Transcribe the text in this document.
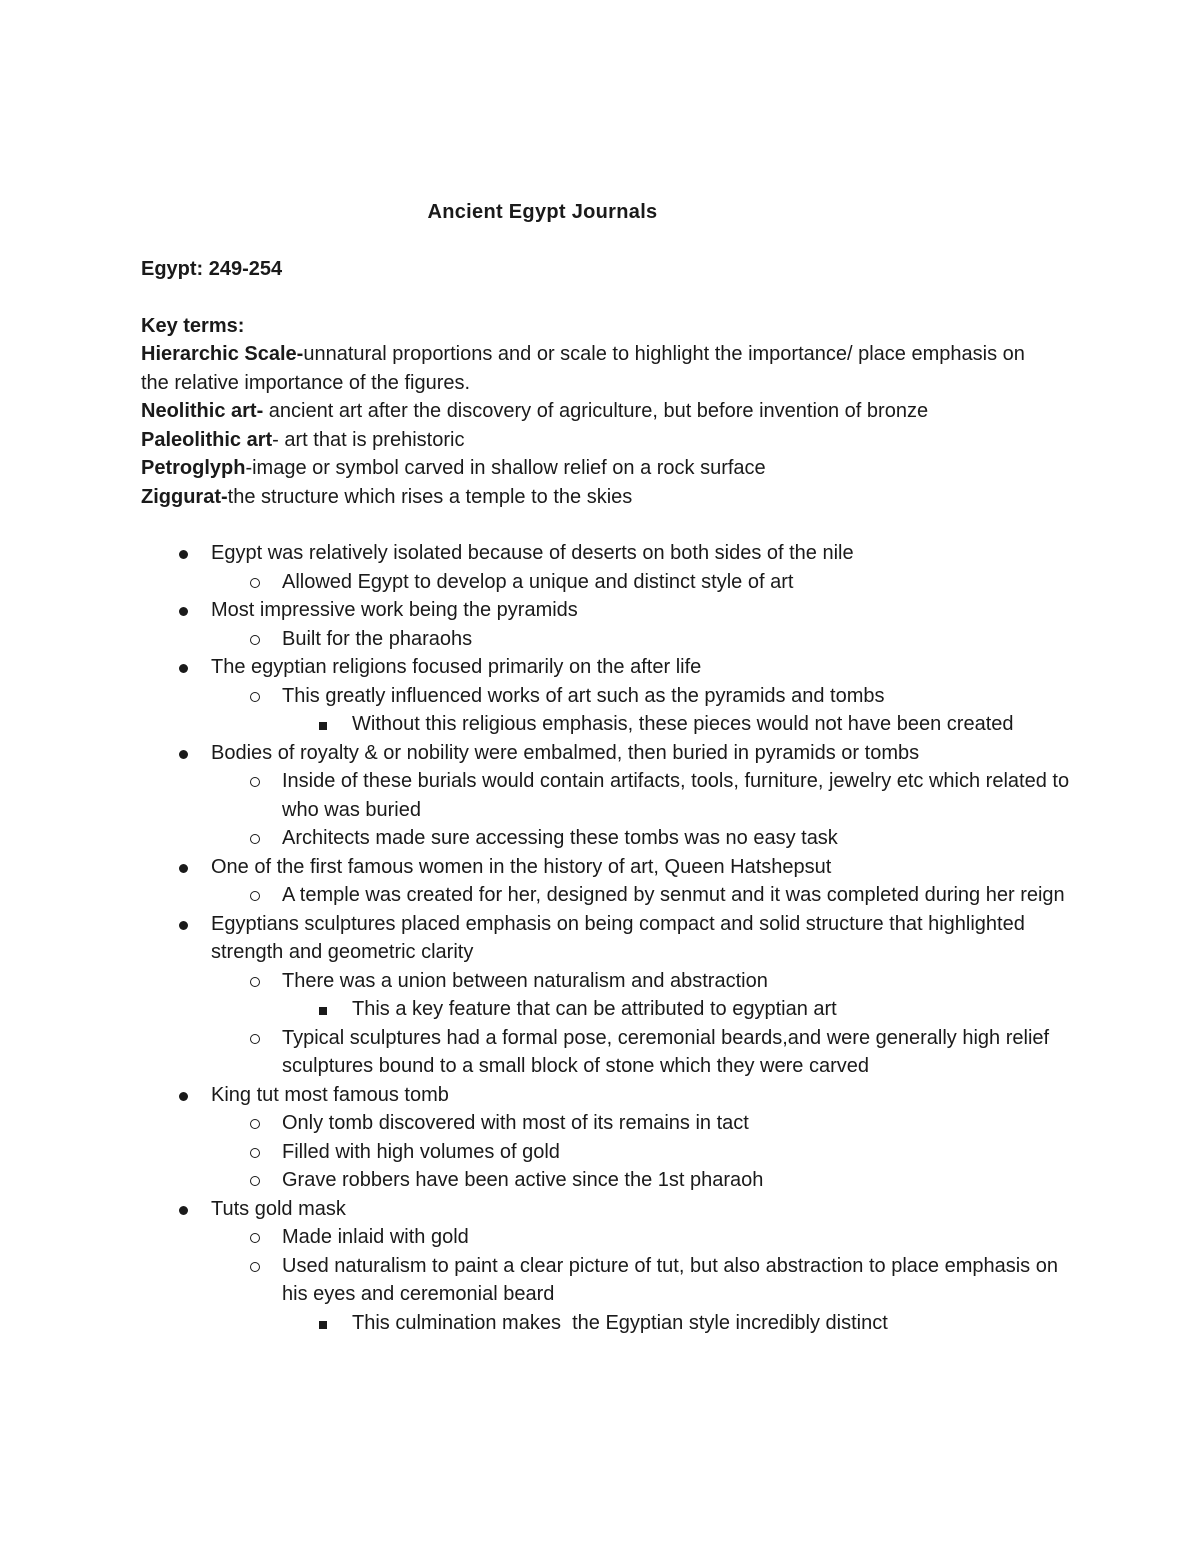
Ancient Egypt Journals
Egypt: 249-254
Key terms:
Hierarchic Scale-unnatural proportions and or scale to highlight the importance/ place emphasis on the relative importance of the figures.
Neolithic art- ancient art after the discovery of agriculture, but before invention of bronze
Paleolithic art- art that is prehistoric
Petroglyph-image or symbol carved in shallow relief on a rock surface
Ziggurat-the structure which rises a temple to the skies
Egypt was relatively isolated because of deserts on both sides of the nile
Allowed Egypt to develop a unique and distinct style of art
Most impressive work being the pyramids
Built for the pharaohs
The egyptian religions focused primarily on the after life
This greatly influenced works of art such as the pyramids and tombs
Without this religious emphasis, these pieces would not have been created
Bodies of royalty & or nobility were embalmed, then buried in pyramids or tombs
Inside of these burials would contain artifacts, tools, furniture, jewelry etc which related to who was buried
Architects made sure accessing these tombs was no easy task
One of the first famous women in the history of art, Queen Hatshepsut
A temple was created for her, designed by senmut and it was completed during her reign
Egyptians sculptures placed emphasis on being compact and solid structure that highlighted strength and geometric clarity
There was a union between naturalism and abstraction
This a key feature that can be attributed to egyptian art
Typical sculptures had a formal pose, ceremonial beards,and were generally high relief sculptures bound to a small block of stone which they were carved
King tut most famous tomb
Only tomb discovered with most of its remains in tact
Filled with high volumes of gold
Grave robbers have been active since the 1st pharaoh
Tuts gold mask
Made inlaid with gold
Used naturalism to paint a clear picture of tut, but also abstraction to place emphasis on his eyes and ceremonial beard
This culmination makes  the Egyptian style incredibly distinct
